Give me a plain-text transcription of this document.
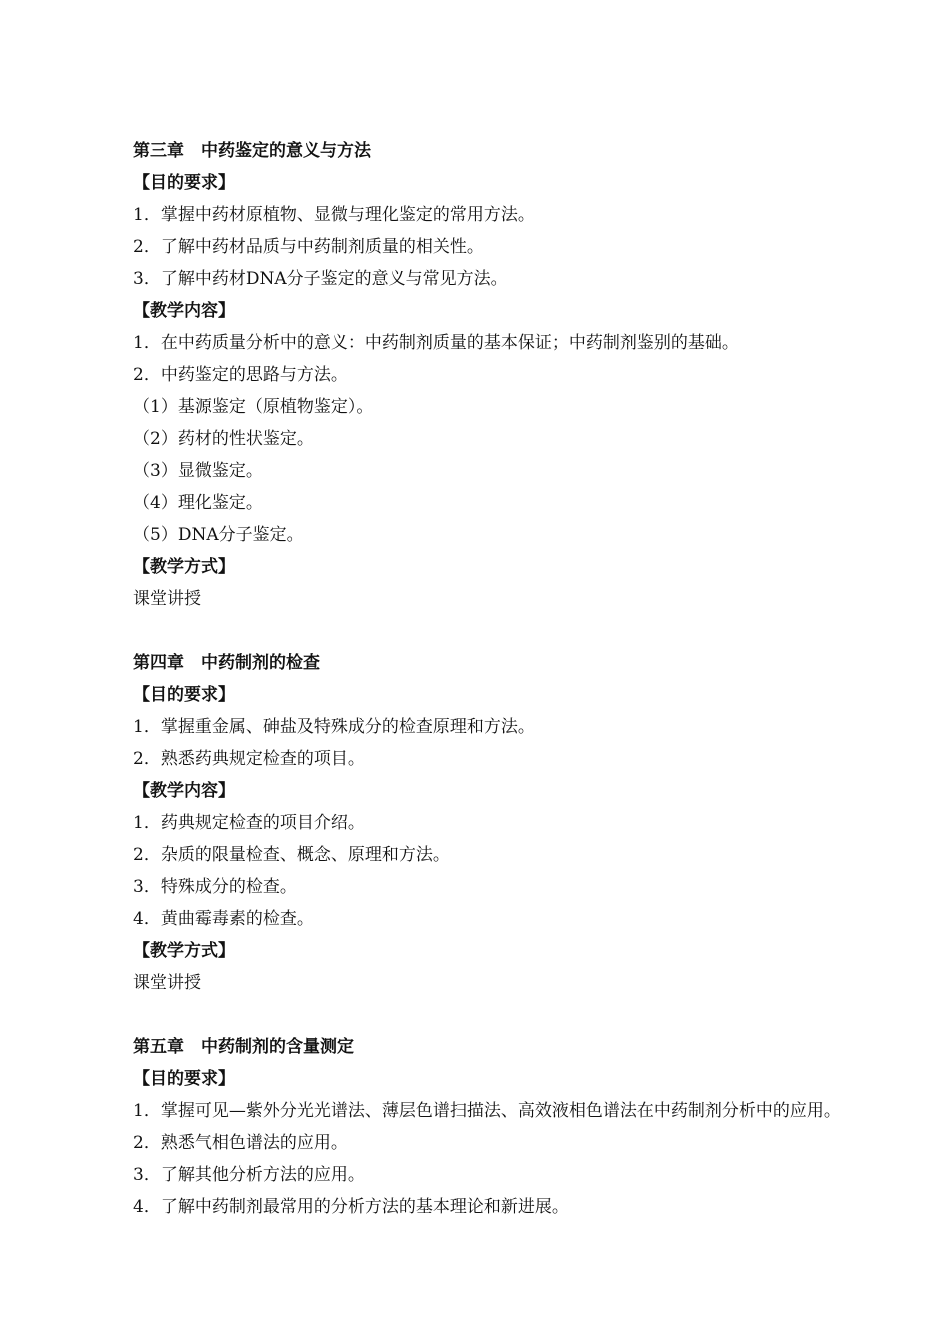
第三章　中药鉴定的意义与方法
【目的要求】
1．掌握中药材原植物、显微与理化鉴定的常用方法。
2．了解中药材品质与中药制剂质量的相关性。
3．了解中药材DNA分子鉴定的意义与常见方法。
【教学内容】
1．在中药质量分析中的意义：中药制剂质量的基本保证；中药制剂鉴别的基础。
2．中药鉴定的思路与方法。
（1）基源鉴定（原植物鉴定）。
（2）药材的性状鉴定。
（3）显微鉴定。
（4）理化鉴定。
（5）DNA分子鉴定。
【教学方式】
课堂讲授
第四章　中药制剂的检查
【目的要求】
1．掌握重金属、砷盐及特殊成分的检查原理和方法。
2．熟悉药典规定检查的项目。
【教学内容】
1．药典规定检查的项目介绍。
2．杂质的限量检查、概念、原理和方法。
3．特殊成分的检查。
4．黄曲霉毒素的检查。
【教学方式】
课堂讲授
第五章　中药制剂的含量测定
【目的要求】
1．掌握可见—紫外分光光谱法、薄层色谱扫描法、高效液相色谱法在中药制剂分析中的应用。
2．熟悉气相色谱法的应用。
3．了解其他分析方法的应用。
4．了解中药制剂最常用的分析方法的基本理论和新进展。
